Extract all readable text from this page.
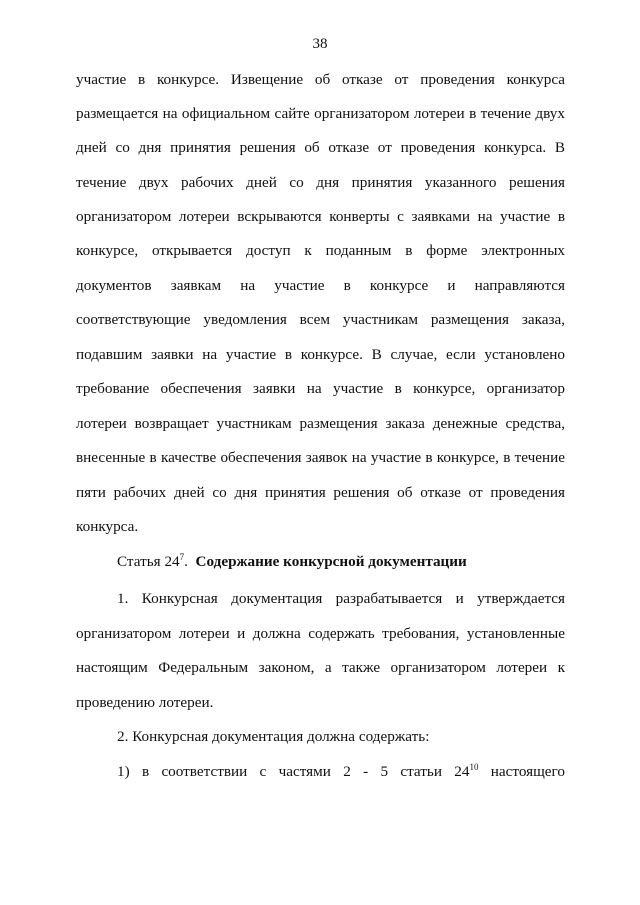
38
участие в конкурсе. Извещение об отказе от проведения конкурса
размещается на официальном сайте организатором лотереи в течение двух
дней со дня принятия решения об отказе от проведения конкурса. В
течение двух рабочих дней со дня принятия указанного решения
организатором лотереи вскрываются конверты с заявками на участие в
конкурсе, открывается доступ к поданным в форме электронных
документов заявкам на участие в конкурсе и направляются
соответствующие уведомления всем участникам размещения заказа,
подавшим заявки на участие в конкурсе. В случае, если установлено
требование обеспечения заявки на участие в конкурсе, организатор
лотереи возвращает участникам размещения заказа денежные средства,
внесенные в качестве обеспечения заявок на участие в конкурсе, в течение
пяти рабочих дней со дня принятия решения об отказе от проведения
конкурса.
Статья $24^7$. Содержание конкурсной документации
1. Конкурсная документация разрабатывается и утверждается
организатором лотереи и должна содержать требования, установленные
настоящим Федеральным законом, а также организатором лотереи к
проведению лотереи.
2. Конкурсная документация должна содержать:
1) в соответствии с частями 2 - 5 статьи $24^{10}$ настоящего
